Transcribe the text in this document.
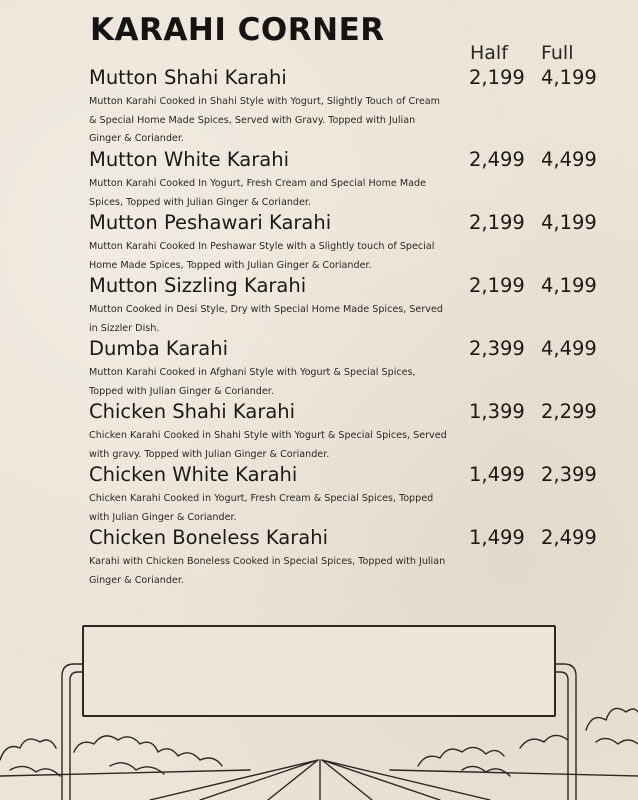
KARAHI CORNER
Half Full
Mutton Shahi Karahi	2,199 4,199
Mutton Karahi Cooked in Shahi Style with Yogurt, Slightly Touch of Cream & Special Home Made Spices, Served with Gravy. Topped with Julian Ginger & Coriander.
Mutton White Karahi	2,499 4,499
Mutton Karahi Cooked In Yogurt, Fresh Cream and Special Home Made Spices, Topped with Julian Ginger & Coriander.
Mutton Peshawari Karahi	2,199 4,199
Mutton Karahi Cooked In Peshawar Style with a Slightly touch of Special Home Made Spices, Topped with Julian Ginger & Coriander.
Mutton Sizzling Karahi	2,199 4,199
Mutton Cooked in Desi Style, Dry with Special Home Made Spices, Served in Sizzler Dish.
Dumba Karahi	2,399 4,499
Mutton Karahi Cooked in Afghani Style with Yogurt & Special Spices, Topped with Julian Ginger & Coriander.
Chicken Shahi Karahi	1,399 2,299
Chicken Karahi Cooked in Shahi Style with Yogurt & Special Spices, Served with gravy. Topped with Julian Ginger & Coriander.
Chicken White Karahi	1,499 2,399
Chicken Karahi Cooked in Yogurt, Fresh Cream & Special Spices, Topped with Julian Ginger & Coriander.
Chicken Boneless Karahi	1,499 2,499
Karahi with Chicken Boneless Cooked in Special Spices, Topped with Julian Ginger & Coriander.
